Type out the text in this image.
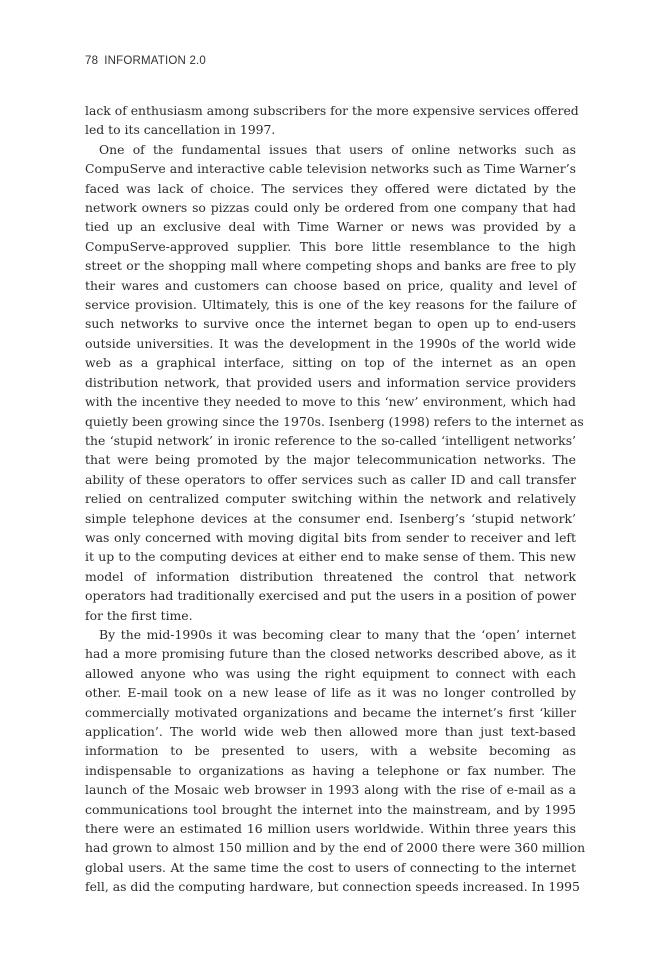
78 INFORMATION 2.0
lack of enthusiasm among subscribers for the more expensive services offered
led to its cancellation in 1997.
One of the fundamental issues that users of online networks such as
CompuServe and interactive cable television networks such as Time Warner’s
faced was lack of choice. The services they offered were dictated by the
network owners so pizzas could only be ordered from one company that had
tied up an exclusive deal with Time Warner or news was provided by a
CompuServe-approved supplier. This bore little resemblance to the high
street or the shopping mall where competing shops and banks are free to ply
their wares and customers can choose based on price, quality and level of
service provision. Ultimately, this is one of the key reasons for the failure of
such networks to survive once the internet began to open up to end-users
outside universities. It was the development in the 1990s of the world wide
web as a graphical interface, sitting on top of the internet as an open
distribution network, that provided users and information service providers
with the incentive they needed to move to this ‘new’ environment, which had
quietly been growing since the 1970s. Isenberg (1998) refers to the internet as
the ‘stupid network’ in ironic reference to the so-called ‘intelligent networks’
that were being promoted by the major telecommunication networks. The
ability of these operators to offer services such as caller ID and call transfer
relied on centralized computer switching within the network and relatively
simple telephone devices at the consumer end. Isenberg’s ‘stupid network’
was only concerned with moving digital bits from sender to receiver and left
it up to the computing devices at either end to make sense of them. This new
model of information distribution threatened the control that network
operators had traditionally exercised and put the users in a position of power
for the first time.
By the mid-1990s it was becoming clear to many that the ‘open’ internet
had a more promising future than the closed networks described above, as it
allowed anyone who was using the right equipment to connect with each
other. E-mail took on a new lease of life as it was no longer controlled by
commercially motivated organizations and became the internet’s first ‘killer
application’. The world wide web then allowed more than just text-based
information to be presented to users, with a website becoming as
indispensable to organizations as having a telephone or fax number. The
launch of the Mosaic web browser in 1993 along with the rise of e-mail as a
communications tool brought the internet into the mainstream, and by 1995
there were an estimated 16 million users worldwide. Within three years this
had grown to almost 150 million and by the end of 2000 there were 360 million
global users. At the same time the cost to users of connecting to the internet
fell, as did the computing hardware, but connection speeds increased. In 1995
